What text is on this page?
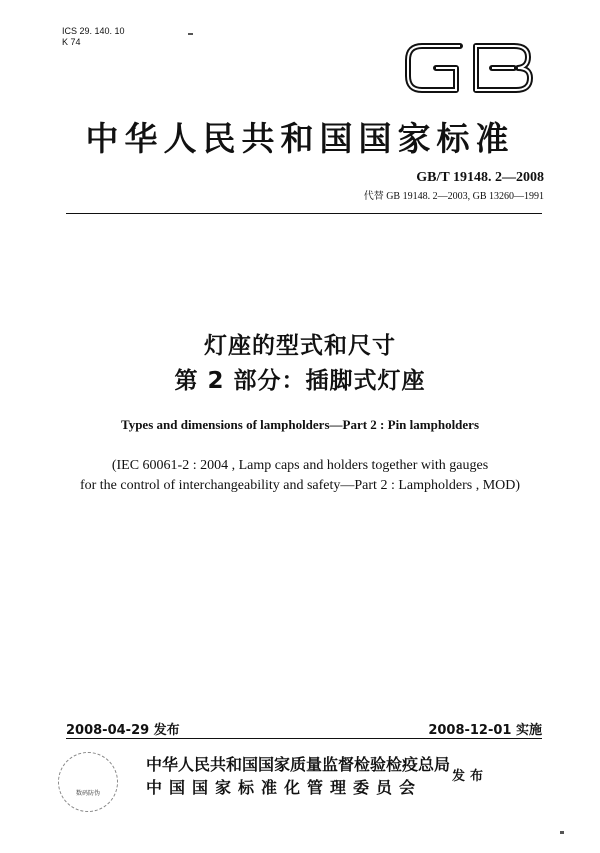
ICS 29. 140. 10
K 74
中华人民共和国国家标准
GB/T 19148. 2—2008
代替 GB 19148. 2—2003, GB 13260—1991
灯座的型式和尺寸
第 2 部分：插脚式灯座
Types and dimensions of lampholders—Part 2 : Pin lampholders
(IEC 60061-2 : 2004 , Lamp caps and holders together with gauges
for the control of interchangeability and safety—Part 2 : Lampholders , MOD)
2008-04-29 发布	2008-12-01 实施
数码防伪
中华人民共和国国家质量监督检验检疫总局
中国国家标准化管理委员会
发布
